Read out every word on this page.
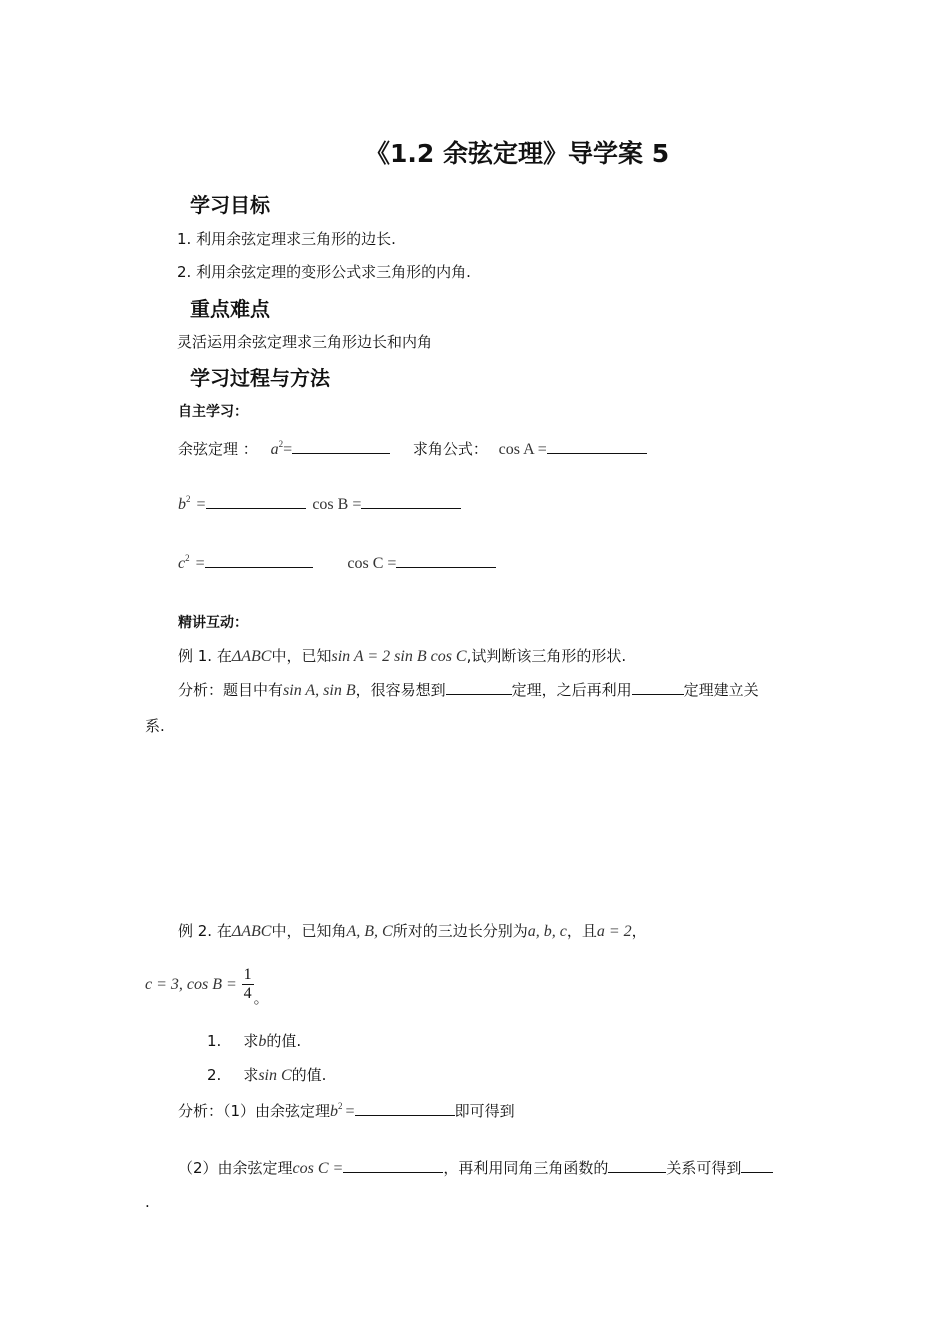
《1.2 余弦定理》导学案 5
学习目标
1. 利用余弦定理求三角形的边长.
2. 利用余弦定理的变形公式求三角形的内角.
重点难点
灵活运用余弦定理求三角形边长和内角
学习过程与方法
自主学习：
余弦定理 ： $a^2=$	求角公式： cos A =
$b^2$ =	cos B =
$c^2$ =	cos C =
精讲互动：
例 1. 在ΔABC中，已知sin A = 2 sin B cos C,试判断该三角形的形状.
分析：题目中有sin A, sin B，很容易想到	定理，之后再利用	定理建立关
系.
例 2. 在ΔABC中，已知角A, B, C所对的三边长分别为a, b, c，且a = 2，
c = 3, $\cos B = \frac{1}{4}$ 。
1. 求b的值.
2. 求sin C的值.
分析：（1）由余弦定理$b^2$ =	即可得到
（2）由余弦定理cos C =	，再利用同角三角函数的	关系可得到
.
